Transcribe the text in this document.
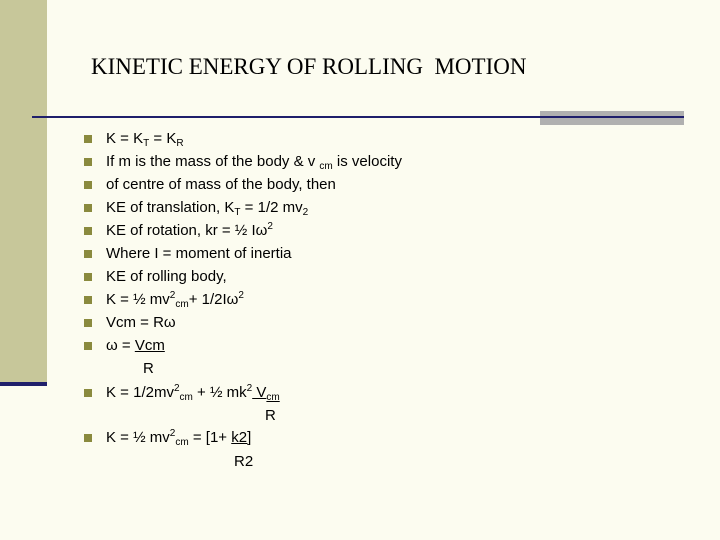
KINETIC ENERGY OF ROLLING  MOTION
$K = K_T = K_R$
If m is the mass of the body & v $_{cm}$ is velocity
of centre of mass of the body, then
KE of translation, $K_T = 1/2$ $mv_2$
KE of rotation, kr = ½ $I\omega^2$
Where I = moment of inertia
KE of rolling body,
K = ½ $mv^2_{cm}+ 1/2I\omega^2$
Vcm = Rω
ω = Vcm
R
$K = 1/2mv^2_{cm}$ + ½ $mk^2$ $V_{cm}$
R
K = ½ $mv^2_{cm} = [1+ k2]$
R2
